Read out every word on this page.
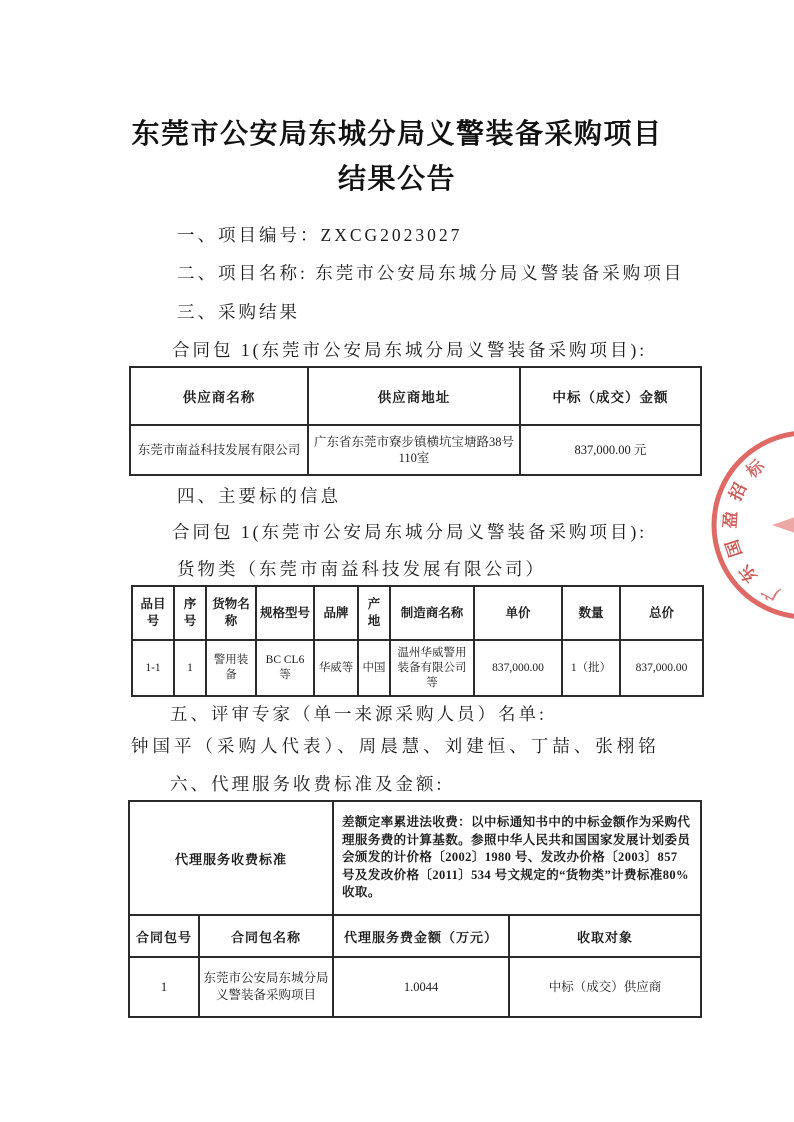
东莞市公安局东城分局义警装备采购项目
结果公告
一、项目编号：ZXCG2023027
二、项目名称: 东莞市公安局东城分局义警装备采购项目
三、采购结果
合同包 1(东莞市公安局东城分局义警装备采购项目):
供应商名称	供应商地址	中标（成交）金额
东莞市南益科技发展有限公司	广东省东莞市寮步镇横坑宝塘路38号110室	837,000.00 元
四、主要标的信息
合同包 1(东莞市公安局东城分局义警装备采购项目):
货物类（东莞市南益科技发展有限公司）
品目号	序号	货物名称	规格型号	品牌	产地	制造商名称	单价	数量	总价
1-1	1	警用装备	BC CL6等	华威等	中国	温州华威警用装备有限公司等	837,000.00	1（批）	837,000.00
五、评审专家（单一来源采购人员）名单:
钟国平（采购人代表）、周晨慧、刘建恒、丁喆、张栩铭
六、代理服务收费标准及金额:
代理服务收费标准		差额定率累进法收费：以中标通知书中的中标金额作为采购代理服务费的计算基数。参照中华人民共和国国家发展计划委员会颁发的计价格〔2002〕1980 号、发改办价格〔2003〕857 号及发改价格〔2011〕534 号文规定的“货物类”计费标准80%收取。	
合同包号	合同包名称	代理服务费金额（万元）	收取对象
1	东莞市公安局东城分局义警装备采购项目	1.0044	中标（成交）供应商
广
东
国
盈
招
标
